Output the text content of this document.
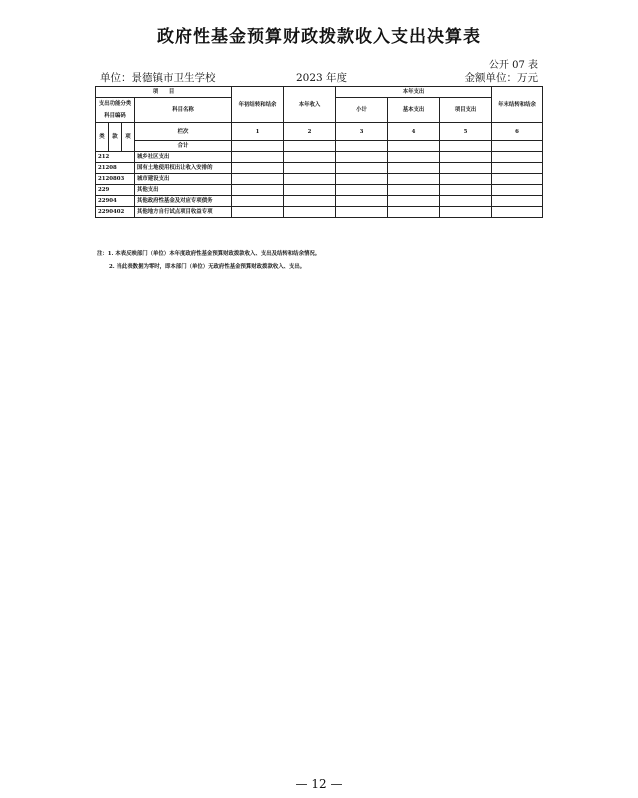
政府性基金预算财政拨款收入支出决算表
公开 07 表
单位：景德镇市卫生学校	2023 年度	金额单位：万元
项　　目				年初结转和结余	本年收入	本年支出			年末结转和结余
支出功能分类科目编码			科目名称			小计	基本支出	项目支出	

类	款	项	栏次	1	2	3	4	5	6
			合计						
212			城乡社区支出						
21208			国有土地使用权出让收入安排的						
2120803			城市建设支出						
229			其他支出						
22904			其他政府性基金及对应专项债务						
2290402			其他地方自行试点项目收益专项						
注：1. 本表反映部门（单位）本年度政府性基金预算财政拨款收入、支出及结转和结余情况。
2. 当此表数据为零时，即本部门（单位）无政府性基金预算财政拨款收入、支出。
— 12 —
